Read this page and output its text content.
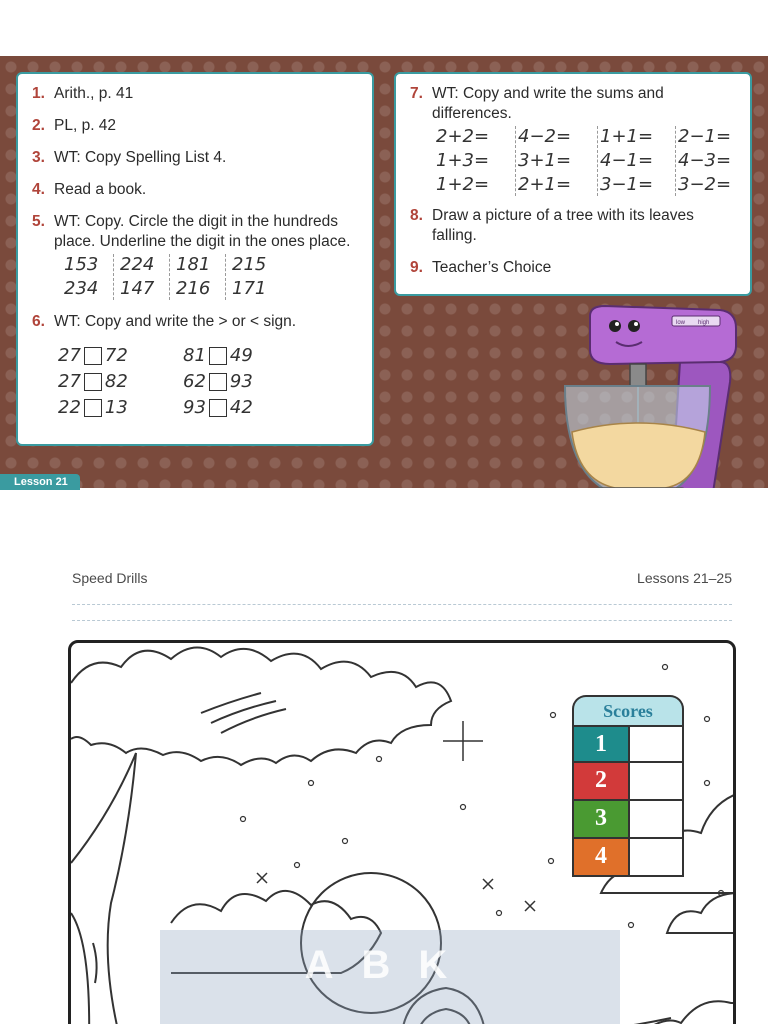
1. Arith., p. 41
2. PL, p. 42
3. WT: Copy Spelling List 4.
4. Read a book.
5. WT: Copy. Circle the digit in the hundreds place. Underline the digit in the ones place.
153	224	181	215
234	147	216	171
6. WT: Copy and write the > or < sign.
27 72	81 49
27 82	62 93
22 13	93 42
7. WT: Copy and write the sums and differences.
2+2=	4−2=	1+1=	2−1=
1+3=	3+1=	4−1=	4−3=
1+2=	2+1=	3−1=	3−2=
8. Draw a picture of a tree with its leaves falling.
9. Teacher’s Choice
low high
Lesson 21
Speed Drills	Lessons 21–25
Scores
1
2
3
4
ABK
